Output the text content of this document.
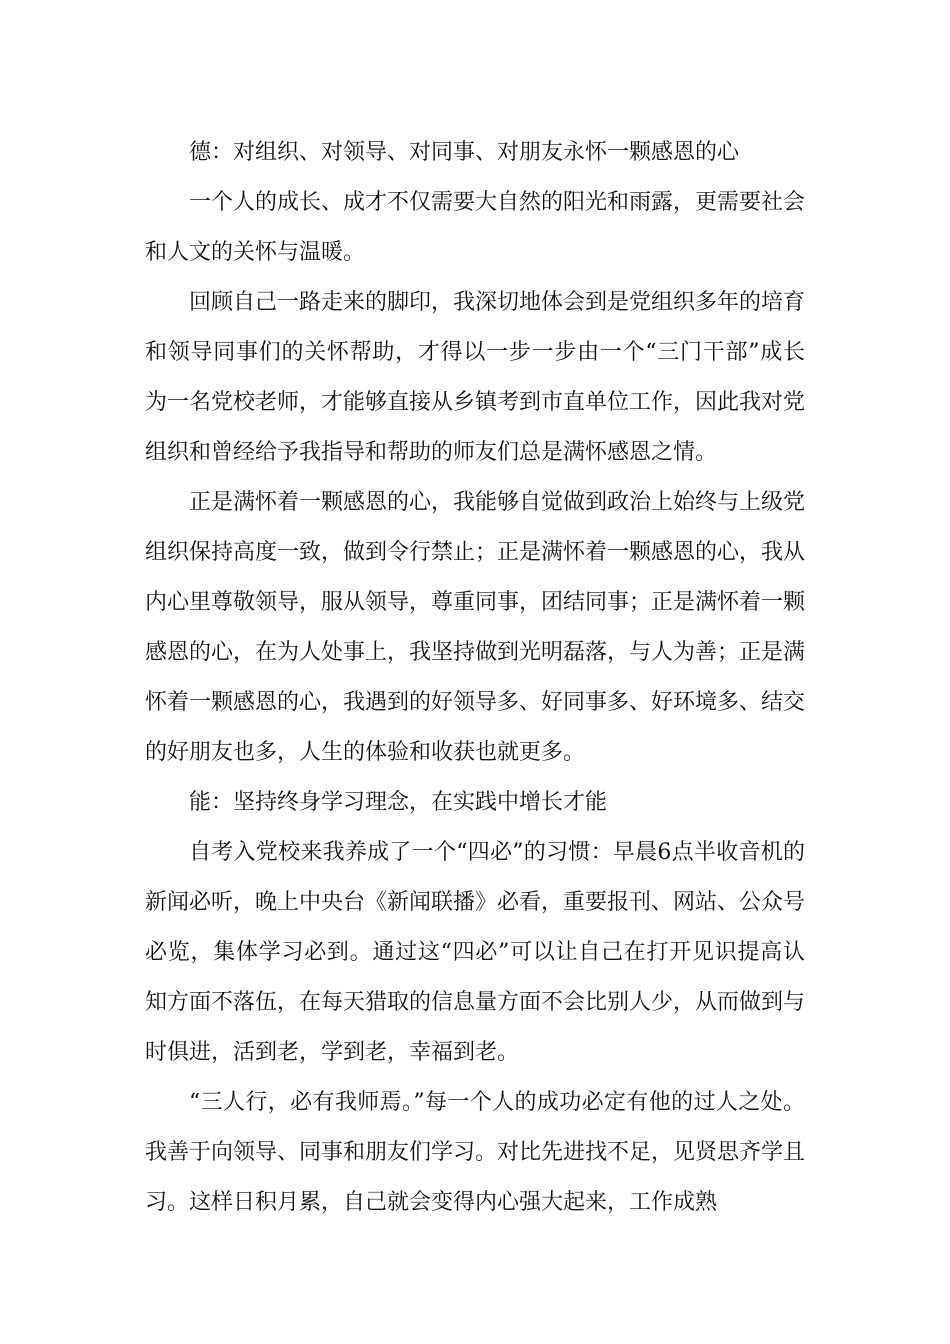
德：对组织、对领导、对同事、对朋友永怀一颗感恩的心

一个人的成长、成才不仅需要大自然的阳光和雨露，更需要社会和人文的关怀与温暖。

回顾自己一路走来的脚印，我深切地体会到是党组织多年的培育和领导同事们的关怀帮助，才得以一步一步由一个“三门干部”成长为一名党校老师，才能够直接从乡镇考到市直单位工作，因此我对党组织和曾经给予我指导和帮助的师友们总是满怀感恩之情。

正是满怀着一颗感恩的心，我能够自觉做到政治上始终与上级党组织保持高度一致，做到令行禁止；正是满怀着一颗感恩的心，我从内心里尊敬领导，服从领导，尊重同事，团结同事；正是满怀着一颗感恩的心，在为人处事上，我坚持做到光明磊落，与人为善；正是满怀着一颗感恩的心，我遇到的好领导多、好同事多、好环境多、结交的好朋友也多，人生的体验和收获也就更多。

能：坚持终身学习理念，在实践中增长才能

自考入党校来我养成了一个“四必”的习惯：早晨6点半收音机的新闻必听，晚上中央台《新闻联播》必看，重要报刊、网站、公众号必览，集体学习必到。通过这“四必”可以让自己在打开见识提高认知方面不落伍，在每天猎取的信息量方面不会比别人少，从而做到与时俱进，活到老，学到老，幸福到老。

“三人行，必有我师焉。”每一个人的成功必定有他的过人之处。我善于向领导、同事和朋友们学习。对比先进找不足，见贤思齐学且习。这样日积月累，自己就会变得内心强大起来，工作成熟
